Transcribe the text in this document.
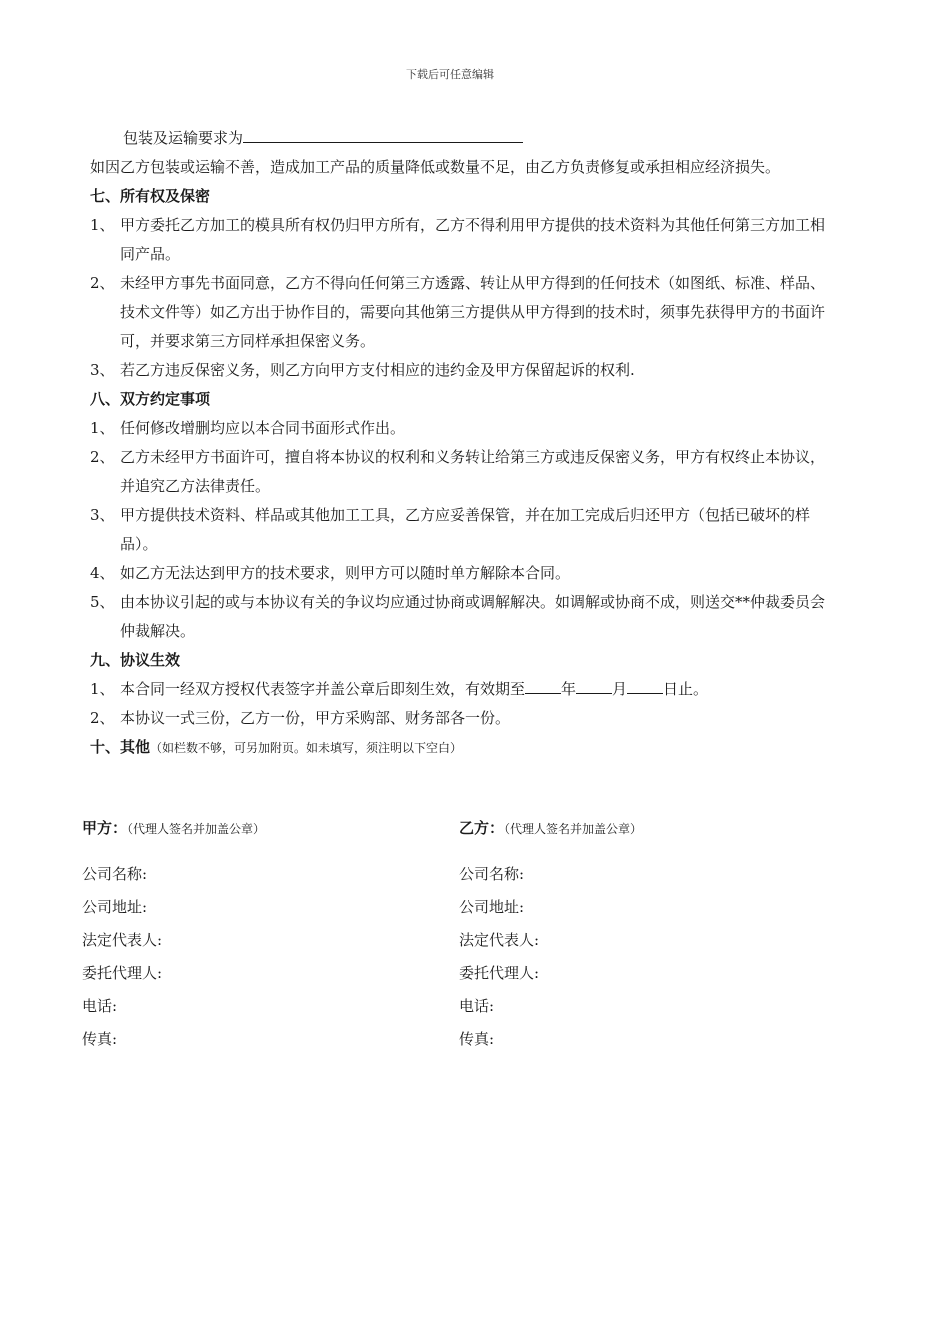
下载后可任意编辑

包装及运输要求为

如因乙方包装或运输不善，造成加工产品的质量降低或数量不足，由乙方负责修复或承担相应经济损失。

七、所有权及保密

1、 甲方委托乙方加工的模具所有权仍归甲方所有，乙方不得利用甲方提供的技术资料为其他任何第三方加工相同产品。
2、 未经甲方事先书面同意，乙方不得向任何第三方透露、转让从甲方得到的任何技术（如图纸、标准、样品、技术文件等）如乙方出于协作目的，需要向其他第三方提供从甲方得到的技术时，须事先获得甲方的书面许可，并要求第三方同样承担保密义务。
3、 若乙方违反保密义务，则乙方向甲方支付相应的违约金及甲方保留起诉的权利.

八、双方约定事项

1、 任何修改增删均应以本合同书面形式作出。
2、 乙方未经甲方书面许可，擅自将本协议的权利和义务转让给第三方或违反保密义务，甲方有权终止本协议，并追究乙方法律责任。
3、 甲方提供技术资料、样品或其他加工工具，乙方应妥善保管，并在加工完成后归还甲方（包括已破坏的样品）。
4、 如乙方无法达到甲方的技术要求，则甲方可以随时单方解除本合同。
5、 由本协议引起的或与本协议有关的争议均应通过协商或调解解决。如调解或协商不成，则送交**仲裁委员会仲裁解决。

九、协议生效

1、 本合同一经双方授权代表签字并盖公章后即刻生效，有效期至 年 月 日止。
2、 本协议一式三份，乙方一份，甲方采购部、财务部各一份。

十、其他（如栏数不够，可另加附页。如未填写，须注明以下空白）

甲方：（代理人签名并加盖公章）

公司名称:

公司地址:

法定代表人:

委托代理人:

电话:

传真:

乙方：（代理人签名并加盖公章）

公司名称:

公司地址:

法定代表人:

委托代理人:

电话:

传真:
